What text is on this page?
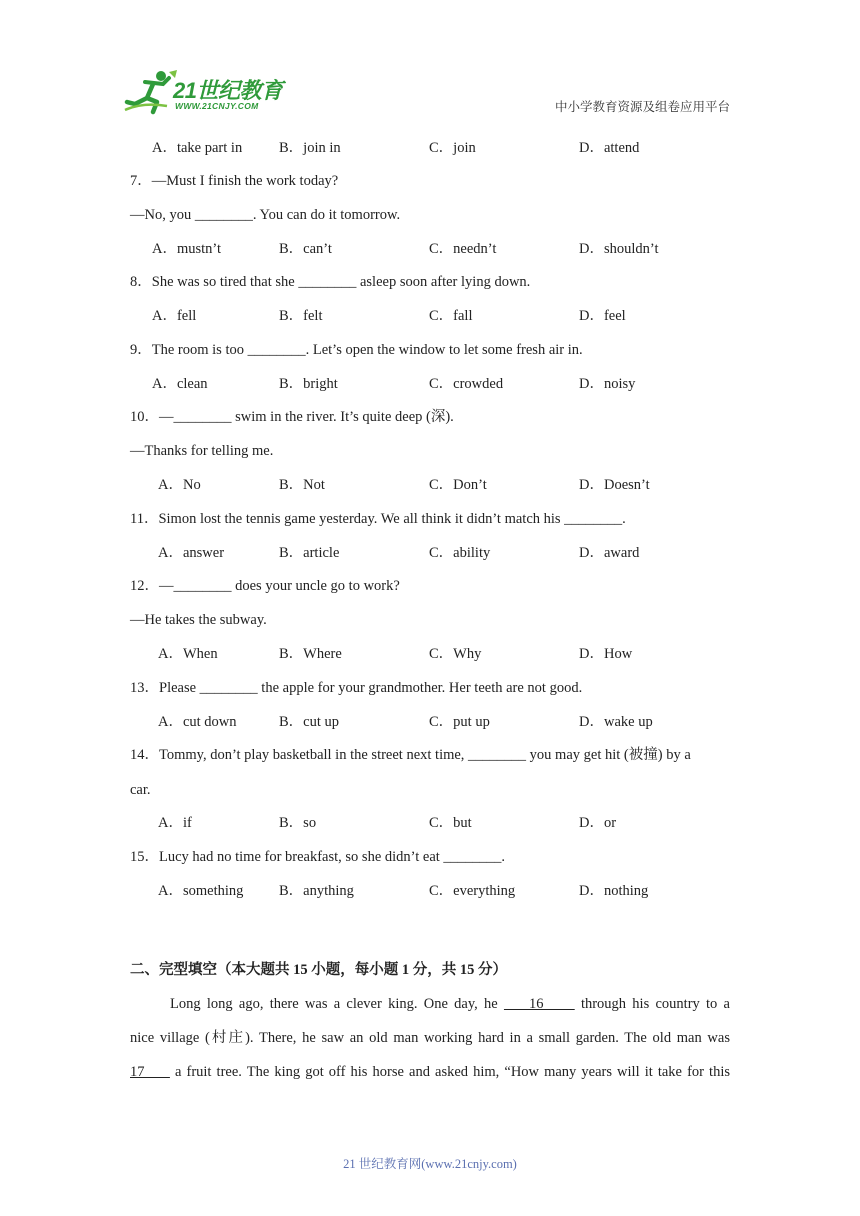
21世纪教育
WWW.21CNJY.COM	中小学教育资源及组卷应用平台
A．take part in	B．join in	C．join	D．attend
7．—Must I finish the work today?
—No, you ________. You can do it tomorrow.
A．mustn’t	B．can’t	C．needn’t	D．shouldn’t
8．She was so tired that she ________ asleep soon after lying down.
A．fell	B．felt	C．fall	D．feel
9．The room is too ________. Let’s open the window to let some fresh air in.
A．clean	B．bright	C．crowded	D．noisy
10．—________ swim in the river. It’s quite deep (深).
—Thanks for telling me.
A．No	B．Not	C．Don’t	D．Doesn’t
11．Simon lost the tennis game yesterday. We all think it didn’t match his ________.
A．answer	B．article	C．ability	D．award
12．—________ does your uncle go to work?
—He takes the subway.
A．When	B．Where	C．Why	D．How
13．Please ________ the apple for your grandmother. Her teeth are not good.
A．cut down	B．cut up	C．put up	D．wake up
14．Tommy, don’t play basketball in the street next time, ________ you may get hit (被撞) by a
car.
A．if	B．so	C．but	D．or
15．Lucy had no time for breakfast, so she didn’t eat ________.
A．something B．anything	C．everything	D．nothing
二、完型填空（本大题共 15 小题，每小题 1 分，共 15 分）
Long long ago, there was a clever king. One day, he     16      through his country to a
nice village (村庄). There, he saw an old man working hard in a small garden. The old man was
17      a fruit tree. The king got off his horse and asked him, “How many years will it take for this
21 世纪教育网(www.21cnjy.com)
